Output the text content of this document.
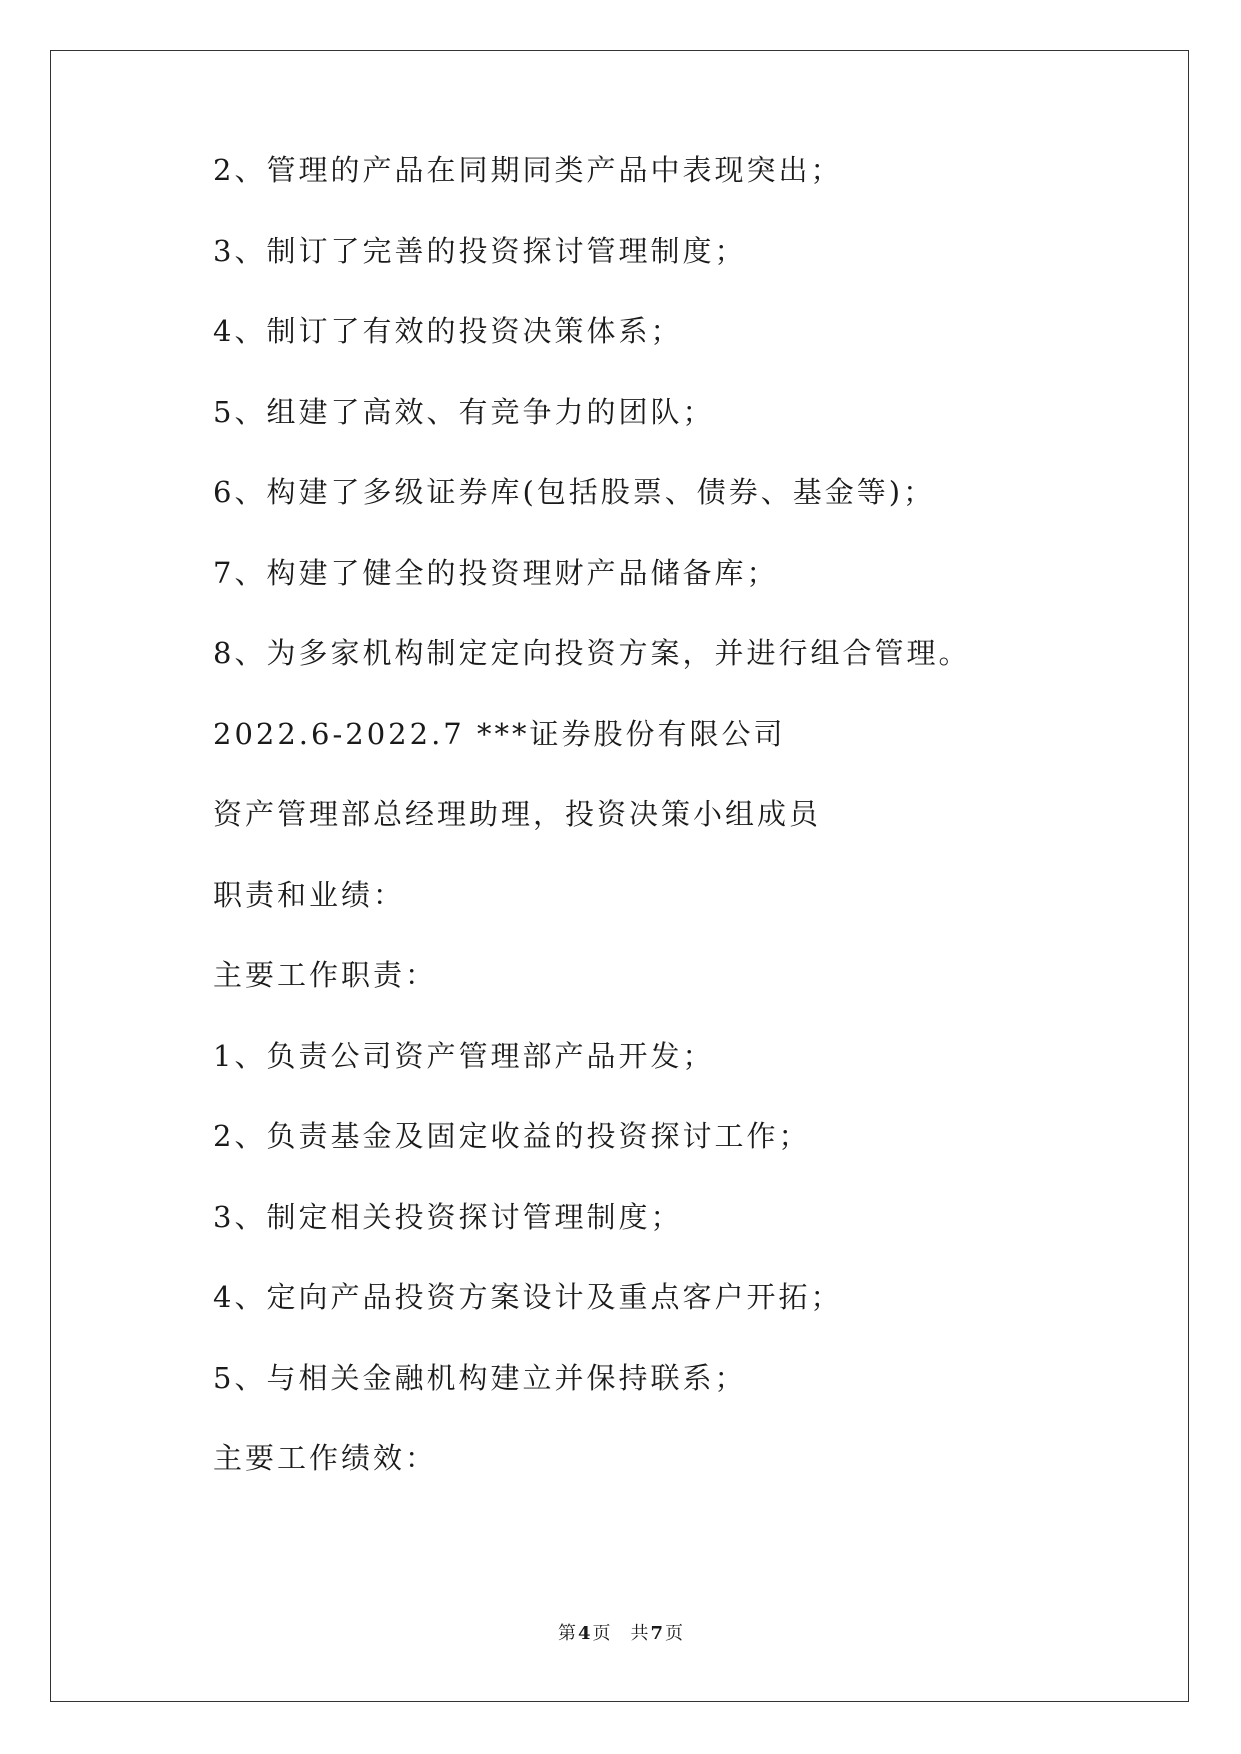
2、管理的产品在同期同类产品中表现突出；

3、制订了完善的投资探讨管理制度；

4、制订了有效的投资决策体系；

5、组建了高效、有竞争力的团队；

6、构建了多级证券库(包括股票、债券、基金等)；

7、构建了健全的投资理财产品储备库；

8、为多家机构制定定向投资方案，并进行组合管理。

2022.6-2022.7 ***证券股份有限公司

资产管理部总经理助理，投资决策小组成员

职责和业绩：

主要工作职责：

1、负责公司资产管理部产品开发；

2、负责基金及固定收益的投资探讨工作；

3、制定相关投资探讨管理制度；

4、定向产品投资方案设计及重点客户开拓；

5、与相关金融机构建立并保持联系；

主要工作绩效：

第 4 页 共 7 页
